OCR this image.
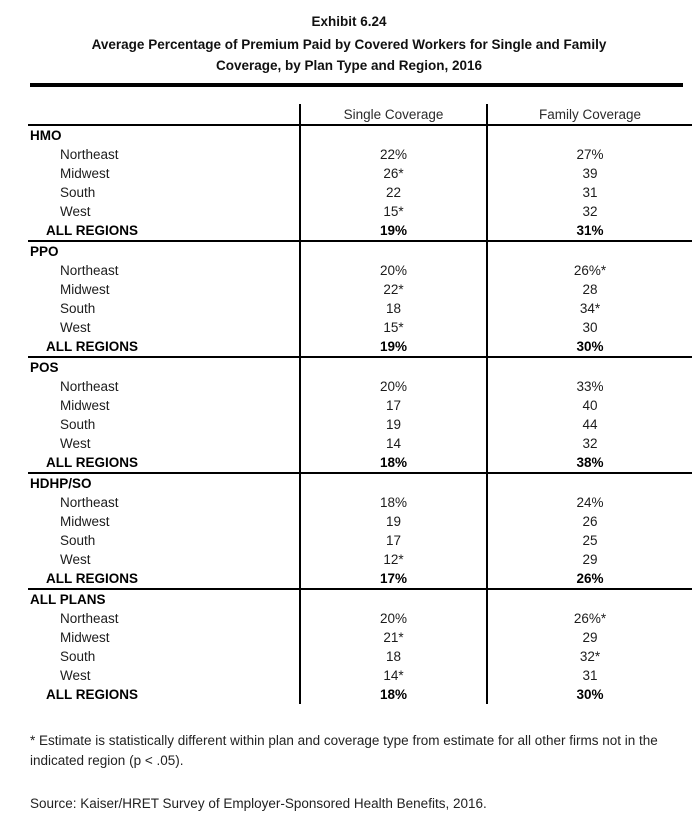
Exhibit 6.24
Average Percentage of Premium Paid by Covered Workers for Single and Family
Coverage, by Plan Type and Region, 2016
	Single Coverage	Family Coverage
HMO		
Northeast	22%	27%
Midwest	26*	39
South	22	31
West	15*	32
ALL REGIONS	19%	31%
PPO		
Northeast	20%	26%*
Midwest	22*	28
South	18	34*
West	15*	30
ALL REGIONS	19%	30%
POS		
Northeast	20%	33%
Midwest	17	40
South	19	44
West	14	32
ALL REGIONS	18%	38%
HDHP/SO		
Northeast	18%	24%
Midwest	19	26
South	17	25
West	12*	29
ALL REGIONS	17%	26%
ALL PLANS		
Northeast	20%	26%*
Midwest	21*	29
South	18	32*
West	14*	31
ALL REGIONS	18%	30%

* Estimate is statistically different within plan and coverage type from estimate for all other firms not in the indicated region (p < .05).

Source: Kaiser/HRET Survey of Employer-Sponsored Health Benefits, 2016.
